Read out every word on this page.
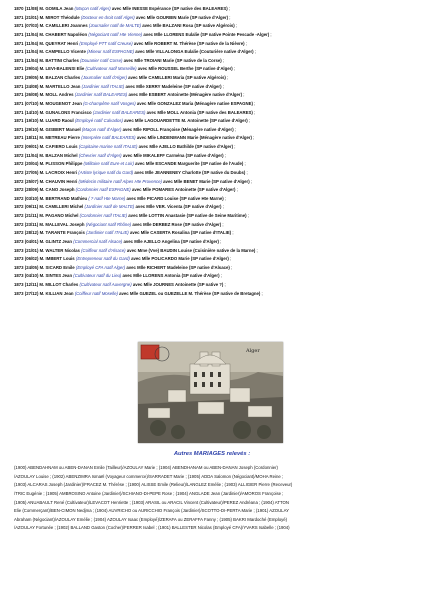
1870 (11/08) M. GOMILA Jean (Maçon natif Alger) avec Mlle INESSE Espérance (SP native des BALEARES) ;
1871 (21/01) M. MIROT Théodule (Docteur en droit natif Alger) avec Mlle GOURBIN Marie (SP native d'Alger) ;
1871 (07/03) M. CAMILLERI Joannes (Journalier natif de MALTE) avec Mlle BALZANI Rosa (SP native Algérois) ;
1871 (11/04) M. CHABERT Napoléon (Négociant natif Hte Vienne) avec Mlle LLORENS Eulalie (SP native Pointe Pescade -Alger) ;
1871 (11/04) M. QUEYRAT Henri (Employé PTT natif Creuse) avec Mlle ROBERT M. Thérèse (SP native de la Nièvre) ;
1871 (11/04) M. CAMPELLO Vicente (Mineur natif ESPAGNE) avec Mlle VILLALONGA Eulalie (Couturière native d'Alger) ;
1871 (11/04) M. BATTINI Charles (Douanier natif Corse) avec Mlle TROIANI Marie (SP native de la Corse) ;
1871 (29/04) M. LEVI-BALENSI Elie (Cultivateur natif Marseille) avec Mlle ROUSSEL Berthe (SP native d'Alger) ;
1871 (29/05) M. BALZAN Charles (Journalier natif d'Alger) avec Mlle CAMILLERI Maria (SP native Algérois) ;
1871 (24/08) M. MARTELLO Jean (Jardinier natif ITALIE) avec Mlle XERRY Madeleine (SP native d'Alger) ;
1871 (26/08) M. MOLL Andres (Jardinier natif BALEARES) avec Mlle ESBERT Antoinette (Ménagère native d'Alger) ;
1871 (07/10) M. MOUGENOT Jean (G-champêtre natif Vosges) avec Mlle GONZALEZ Maria (Ménagère native ESPAGNE) ;
1871 (14/10) M. GUNALONS Francisco (Jardinier natif BALEARES) avec Mlle MOLL Antonia (SP native des BALEARES) ;
1871 (19/10) M. LUARD Raoul (Employé natif Calvados) avec Mlle LAGOUARDETTE M. Antoinette (SP native d'Alger) ;
1871 (29/10) M. GISBERT Manuel (Maçon natif d'Alger) avec Mlle RIPOLL Françoise (Ménagère native d'Alger) ;
1871 (18/11) M. METREAU Pierre (Interprète natif BALEARES) avec Mlle LINDENMANN Marie (Ménagère native d'Alger) ;
1872 (09/01) M. CAFIERO Louis (Capitaine marine natif ITALIE) avec Mlle AJELLO Bathilde (SP native d'Alger) ;
1872 (11/04) M. BALZAN Michel (Chevrier natif d'Alger) avec Mlle MIKALEFF Carména (SP native d'Alger) ;
1872 (20/04) M. PLISSON Philippe (Militaire natif Eure et Loir) avec Mlle ESCANDE Marguerite (SP native de l'Aude) ;
1872 (27/05) M. LACROIX Henri (Artiste lyrique natif du Gard) avec Mlle JEANNENEY Charlotte (SP native du Doubs) ;
1872 (25/07) M. CHAUVIN Henri (Médecin militaire natif Alpes Hte Provence) avec Mlle BENET Marie (SP native d'Alger) ;
1872 (28/09) M. CANO Joseph (Cordonnier natif ESPAGNE) avec Mlle POMARES Antoinette (SP native d'Alger) ;
1872 (03/10) M. BERTRAND Mathieu ( ? natif Hte Marne) avec Mlle PICARD Louise (SP native Hte Marne) ;
1872 (09/11) M. CAMILLERI Michel (Jardinier natif de MALTE) avec Mlle VER. Vicenta (SP native d'Alger) ;
1872 (21/11) M. PAGANO Michel (Cordonnier natif ITALIE) avec Mlle LOTTIN Anastasie (SP native de Seine Maritime) ;
1872 (23/11) M. MALLEVAL Joseph (Négociant natif Rhône) avec Mlle DERBEZ Rose (SP native d'Alger) ;
1872 (28/12) M. TARANTE François (Jardinier natif ITALIE) avec Mlle CASERTA Rosalina (SP native d'ITALIE) ;
1873 (04/01) M. GLINTZ Jean (Commercial natif Alsace) avec Mlle AJELLO Angelina (SP native d'Alger) ;
1873 (21/01) M. WALTER Nicolas (Coiffeur natif d'Alsace) avec Mme (Vve) BAUDIN Louise (Cuisinière native de la Marne) ;
1873 (06/02) M. IMBERT Louis (Entrepreneur natif du Gard) avec Mlle POLICARDO Marie (SP native d'Alger) ;
1873 (24/05) M. SICARD Emile (Employé CFA natif Alger) avec Mlle RICHERT Madeleine (SP native d'Alsace) ;
1873 (04/10) M. SINTES Jean (Cultivateur natif du Lieu) avec Mlle LLORENS Antonia (SP native d'Alger) ;
1873 (12/11) M. MILLOT Charles (Cultivateur natif Auvergne) avec Mlle JOURNES Antoinette (SP native ?) ;
1873 (27/12) M. KILLIAN Jean (Coiffeur natif Moselle) avec Mlle GUEZEL ou GUEZELLE M. Thérèse (SP native de Bretagne) ;
Alger
Autres MARIAGES relevés :
(1900) ABENDAHNAM ou ABEN-DANAN Emile (Tailleur)/AZOULAY Marie ; (1904) ABENDHANAM ou ABEN-DANAN Joseph (Cordonnier)
/AZOULAY Louise ; (1902) ABENZIMRA Ismaël (Voyageur commerce)/SARRADET Marie ; (1905) ADDA Salomon (Négociant)/MOHA Reine ;
(1903) ALCARAS Joseph (Jardinier)/FRACEZ M. Thérèse ; (1900) ALISSE Emile (Relieur)/LANGLEZ Emélie ; (1903) ALLIGIER Pierre (Receveur)
/TRIC Eugénie ; (1905) AMBROSINO Antoine (Jardinier)/SCHIANO-DI-PEPE Rose ; (1904) ANGLADE Jean (Jardinier)/AMOROS Françoise ;
(1905) ANUABAULT René (Cultivateur)/LEVACOT Henriette ; (1903) ARASIL ou ARACIL Vincent (Cultivateur)/PEREZ Andréana ; (1904) ATTON
Elie (Commerçant)/BEN-CIMON Nedjma ; (1904) AUVRICHO ou AURICCHIO François (Jardinier)/SCOTTO-DI-PERTA Marie ; (1901) AZOULAY
Abraham (Négociant)/AZOULAY Emélie ; (1904) AZOULAY Isaac (Employé)/ZERAFA ou ZERAFFA Fanny ; (1905) BAKRI Mardoché (Employé)
/AZOULAY Fortunée ; (1902) BALLAND Gaston (Cocher)/FERRER Isabel ; (1901) BALLESTER Nicolas (Employé CFA)/YVARS Isabelle ; (1904)
